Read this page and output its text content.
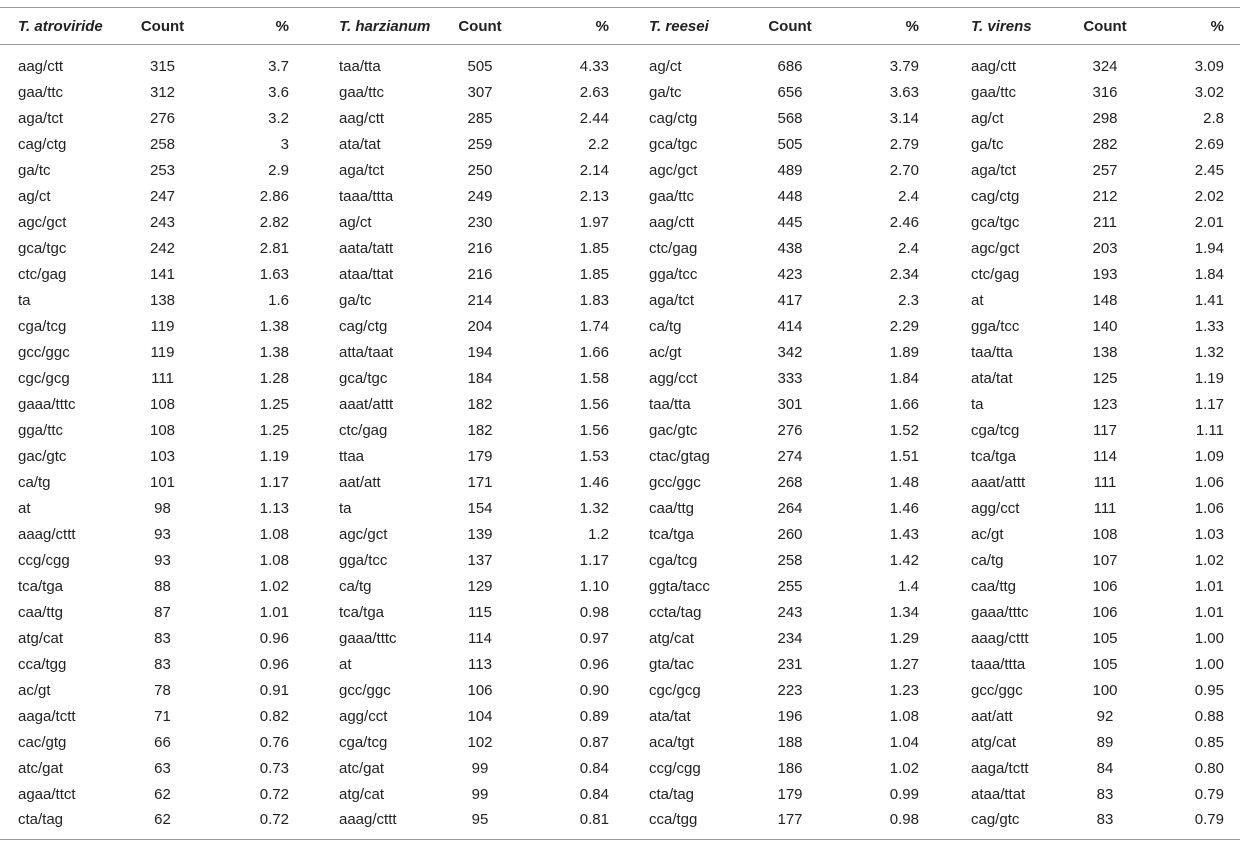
T. atroviride	Count	%	T. harzianum	Count	%	T. reesei	Count	%	T. virens	Count	%
aag/ctt	315	3.7	taa/tta	505	4.33	ag/ct	686	3.79	aag/ctt	324	3.09
gaa/ttc	312	3.6	gaa/ttc	307	2.63	ga/tc	656	3.63	gaa/ttc	316	3.02
aga/tct	276	3.2	aag/ctt	285	2.44	cag/ctg	568	3.14	ag/ct	298	2.8
cag/ctg	258	3	ata/tat	259	2.2	gca/tgc	505	2.79	ga/tc	282	2.69
ga/tc	253	2.9	aga/tct	250	2.14	agc/gct	489	2.70	aga/tct	257	2.45
ag/ct	247	2.86	taaa/ttta	249	2.13	gaa/ttc	448	2.4	cag/ctg	212	2.02
agc/gct	243	2.82	ag/ct	230	1.97	aag/ctt	445	2.46	gca/tgc	211	2.01
gca/tgc	242	2.81	aata/tatt	216	1.85	ctc/gag	438	2.4	agc/gct	203	1.94
ctc/gag	141	1.63	ataa/ttat	216	1.85	gga/tcc	423	2.34	ctc/gag	193	1.84
ta	138	1.6	ga/tc	214	1.83	aga/tct	417	2.3	at	148	1.41
cga/tcg	119	1.38	cag/ctg	204	1.74	ca/tg	414	2.29	gga/tcc	140	1.33
gcc/ggc	119	1.38	atta/taat	194	1.66	ac/gt	342	1.89	taa/tta	138	1.32
cgc/gcg	111	1.28	gca/tgc	184	1.58	agg/cct	333	1.84	ata/tat	125	1.19
gaaa/tttc	108	1.25	aaat/attt	182	1.56	taa/tta	301	1.66	ta	123	1.17
gga/ttc	108	1.25	ctc/gag	182	1.56	gac/gtc	276	1.52	cga/tcg	117	1.11
gac/gtc	103	1.19	ttaa	179	1.53	ctac/gtag	274	1.51	tca/tga	114	1.09
ca/tg	101	1.17	aat/att	171	1.46	gcc/ggc	268	1.48	aaat/attt	111	1.06
at	98	1.13	ta	154	1.32	caa/ttg	264	1.46	agg/cct	111	1.06
aaag/cttt	93	1.08	agc/gct	139	1.2	tca/tga	260	1.43	ac/gt	108	1.03
ccg/cgg	93	1.08	gga/tcc	137	1.17	cga/tcg	258	1.42	ca/tg	107	1.02
tca/tga	88	1.02	ca/tg	129	1.10	ggta/tacc	255	1.4	caa/ttg	106	1.01
caa/ttg	87	1.01	tca/tga	115	0.98	ccta/tag	243	1.34	gaaa/tttc	106	1.01
atg/cat	83	0.96	gaaa/tttc	114	0.97	atg/cat	234	1.29	aaag/cttt	105	1.00
cca/tgg	83	0.96	at	113	0.96	gta/tac	231	1.27	taaa/ttta	105	1.00
ac/gt	78	0.91	gcc/ggc	106	0.90	cgc/gcg	223	1.23	gcc/ggc	100	0.95
aaga/tctt	71	0.82	agg/cct	104	0.89	ata/tat	196	1.08	aat/att	92	0.88
cac/gtg	66	0.76	cga/tcg	102	0.87	aca/tgt	188	1.04	atg/cat	89	0.85
atc/gat	63	0.73	atc/gat	99	0.84	ccg/cgg	186	1.02	aaga/tctt	84	0.80
agaa/ttct	62	0.72	atg/cat	99	0.84	cta/tag	179	0.99	ataa/ttat	83	0.79
cta/tag	62	0.72	aaag/cttt	95	0.81	cca/tgg	177	0.98	cag/gtc	83	0.79
